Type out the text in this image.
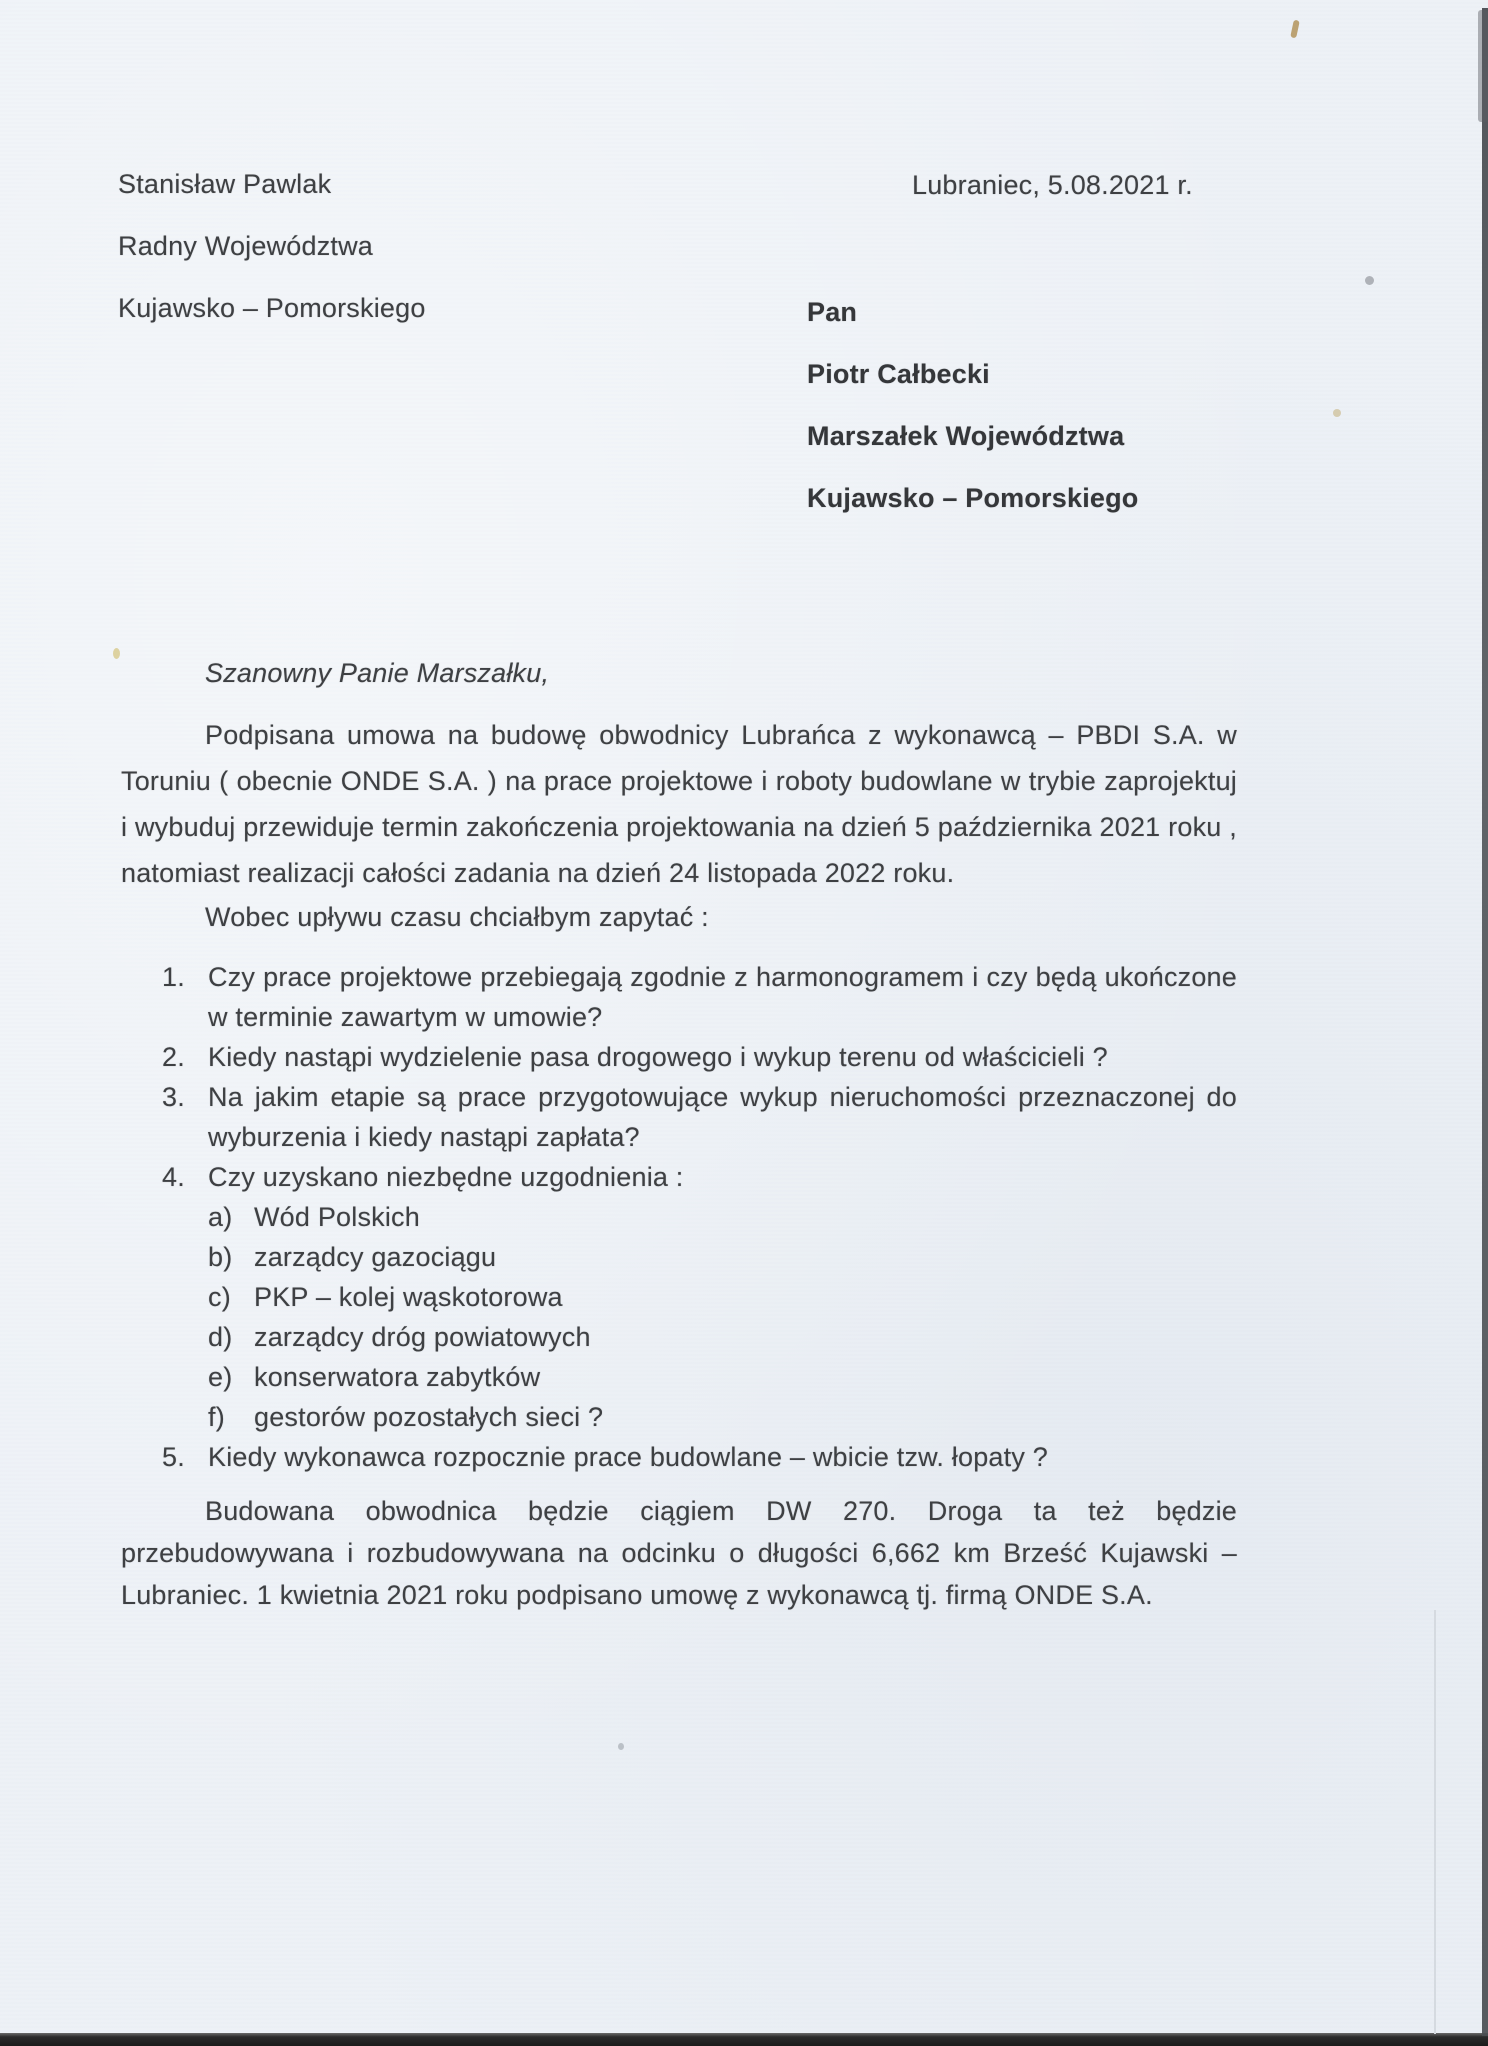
Stanisław Pawlak
Radny Województwa
Kujawsko – Pomorskiego
Lubraniec, 5.08.2021 r.
Pan
Piotr Całbecki
Marszałek Województwa
Kujawsko – Pomorskiego
Szanowny Panie Marszałku,

Podpisana umowa na budowę obwodnicy Lubrańca z wykonawcą – PBDI S.A. w Toruniu ( obecnie ONDE S.A. ) na prace projektowe i roboty budowlane w trybie zaprojektuj i wybuduj przewiduje termin zakończenia projektowania na dzień 5 października 2021 roku , natomiast realizacji całości zadania na dzień 24 listopada 2022 roku.

Wobec upływu czasu chciałbym zapytać :
1. Czy prace projektowe przebiegają zgodnie z harmonogramem i czy będą ukończone w terminie zawartym w umowie?
2. Kiedy nastąpi wydzielenie pasa drogowego i wykup terenu od właścicieli ?
3. Na jakim etapie są prace przygotowujące wykup nieruchomości przeznaczonej do wyburzenia i kiedy nastąpi zapłata?
4. Czy uzyskano niezbędne uzgodnienia :
a) Wód Polskich
b) zarządcy gazociągu
c) PKP – kolej wąskotorowa
d) zarządcy dróg powiatowych
e) konserwatora zabytków
f)	gestorów pozostałych sieci ?
5. Kiedy wykonawca rozpocznie prace budowlane – wbicie tzw. łopaty ?

Budowana obwodnica będzie ciągiem DW 270. Droga ta też będzie przebudowywana i rozbudowywana na odcinku o długości 6,662 km Brześć Kujawski – Lubraniec. 1 kwietnia 2021 roku podpisano umowę z wykonawcą tj. firmą ONDE S.A.
